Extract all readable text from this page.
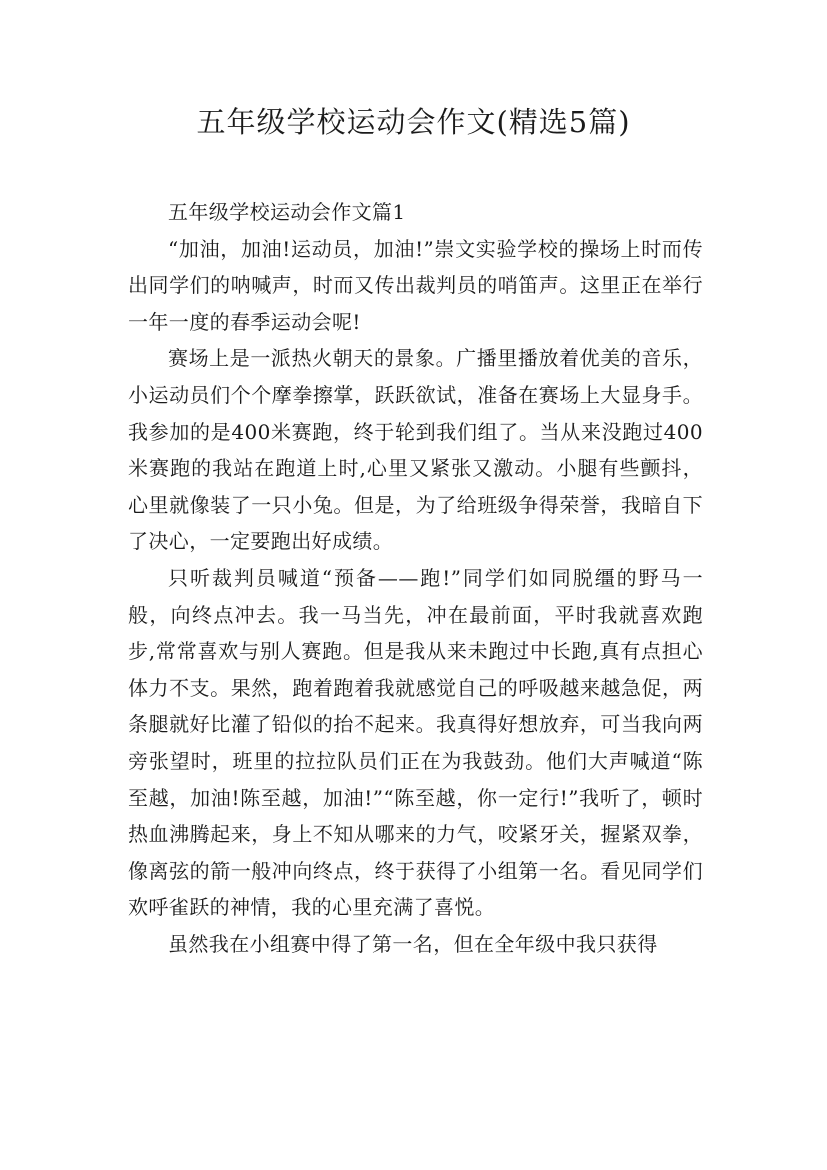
五年级学校运动会作文(精选5篇)

五年级学校运动会作文篇1

“加油，加油!运动员，加油!”崇文实验学校的操场上时而传出同学们的呐喊声，时而又传出裁判员的哨笛声。这里正在举行一年一度的春季运动会呢!

赛场上是一派热火朝天的景象。广播里播放着优美的音乐，小运动员们个个摩拳擦掌，跃跃欲试，准备在赛场上大显身手。我参加的是400米赛跑，终于轮到我们组了。当从来没跑过400米赛跑的我站在跑道上时,心里又紧张又激动。小腿有些颤抖，心里就像装了一只小兔。但是，为了给班级争得荣誉，我暗自下了决心，一定要跑出好成绩。

只听裁判员喊道“预备——跑!”同学们如同脱缰的野马一般，向终点冲去。我一马当先，冲在最前面，平时我就喜欢跑步,常常喜欢与别人赛跑。但是我从来未跑过中长跑,真有点担心体力不支。果然，跑着跑着我就感觉自己的呼吸越来越急促，两条腿就好比灌了铅似的抬不起来。我真得好想放弃，可当我向两旁张望时，班里的拉拉队员们正在为我鼓劲。他们大声喊道“陈至越，加油!陈至越，加油!”“陈至越，你一定行!”我听了，顿时热血沸腾起来，身上不知从哪来的力气，咬紧牙关，握紧双拳，像离弦的箭一般冲向终点，终于获得了小组第一名。看见同学们欢呼雀跃的神情，我的心里充满了喜悦。

虽然我在小组赛中得了第一名，但在全年级中我只获得
